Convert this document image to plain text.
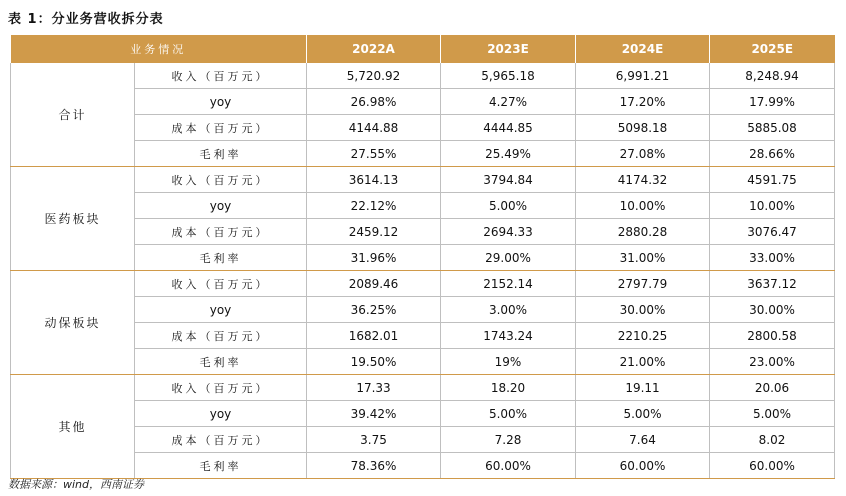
表 1：分业务营收拆分表
业务情况		2022A	2023E	2024E	2025E
合计	收入（百万元）	5,720.92	5,965.18	6,991.21	8,248.94
	yoy	26.98%	4.27%	17.20%	17.99%
	成本（百万元）	4144.88	4444.85	5098.18	5885.08
	毛利率	27.55%	25.49%	27.08%	28.66%
医药板块	收入（百万元）	3614.13	3794.84	4174.32	4591.75
	yoy	22.12%	5.00%	10.00%	10.00%
	成本（百万元）	2459.12	2694.33	2880.28	3076.47
	毛利率	31.96%	29.00%	31.00%	33.00%
动保板块	收入（百万元）	2089.46	2152.14	2797.79	3637.12
	yoy	36.25%	3.00%	30.00%	30.00%
	成本（百万元）	1682.01	1743.24	2210.25	2800.58
	毛利率	19.50%	19%	21.00%	23.00%
其他	收入（百万元）	17.33	18.20	19.11	20.06
	yoy	39.42%	5.00%	5.00%	5.00%
	成本（百万元）	3.75	7.28	7.64	8.02
	毛利率	78.36%	60.00%	60.00%	60.00%
数据来源：wind，西南证券
